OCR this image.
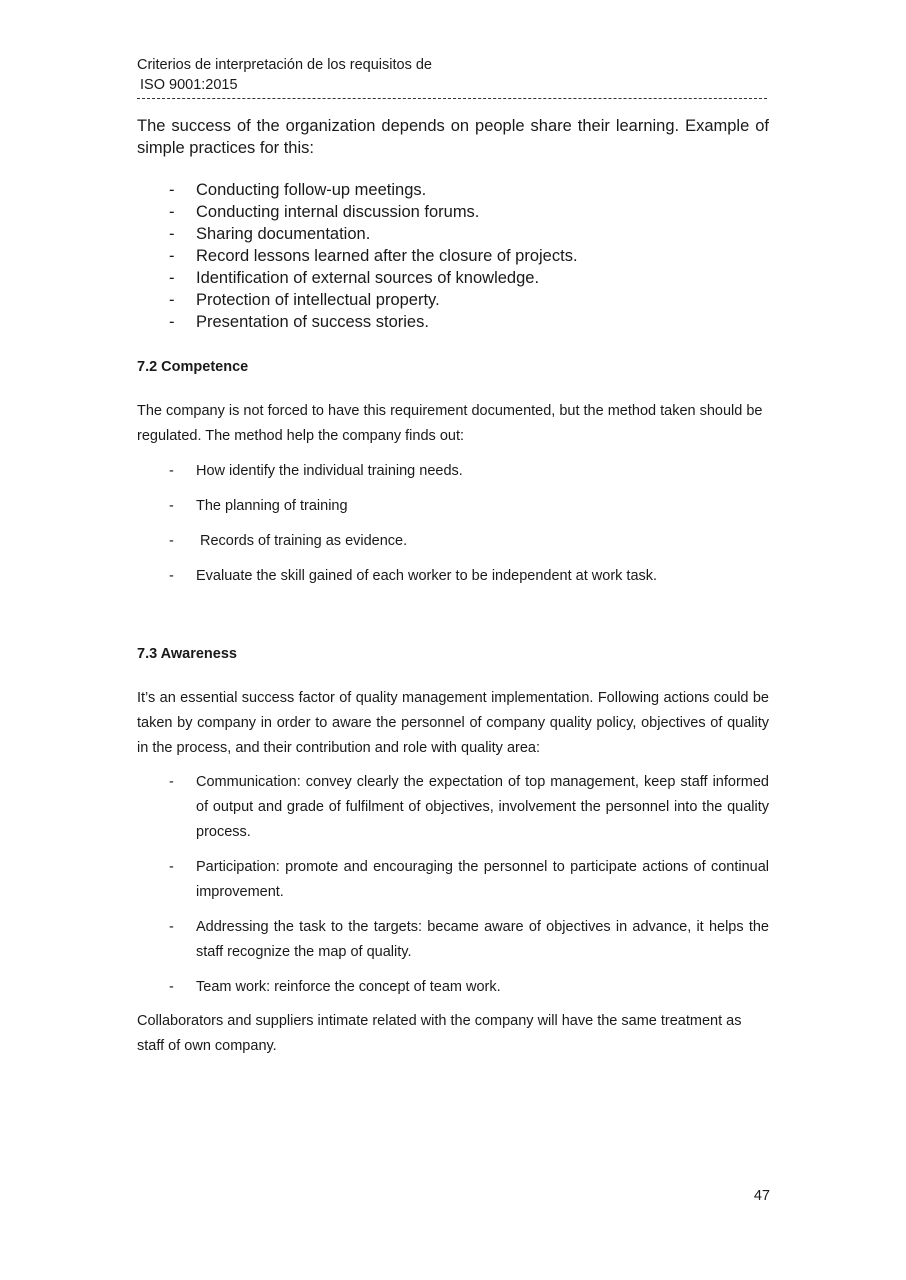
Criterios de interpretación de los requisitos de
ISO 9001:2015
The success of the organization depends on people share their learning. Example of simple practices for this:
- Conducting follow-up meetings.
- Conducting internal discussion forums.
- Sharing documentation.
- Record lessons learned after the closure of projects.
- Identification of external sources of knowledge.
- Protection of intellectual property.
- Presentation of success stories.
7.2 Competence
The company is not forced to have this requirement documented, but the method taken should be regulated. The method help the company finds out:
- How identify the individual training needs.
- The planning of training
- Records of training as evidence.
- Evaluate the skill gained of each worker to be independent at work task.
7.3 Awareness
It’s an essential success factor of quality management implementation. Following actions could be taken by company in order to aware the personnel of company quality policy, objectives of quality in the process, and their contribution and role with quality area:
- Communication: convey clearly the expectation of top management, keep staff informed of output and grade of fulfilment of objectives, involvement the personnel into the quality process.
- Participation: promote and encouraging the personnel to participate actions of continual improvement.
- Addressing the task to the targets: became aware of objectives in advance, it helps the staff recognize the map of quality.
- Team work: reinforce the concept of team work.
Collaborators and suppliers intimate related with the company will have the same treatment as staff of own company.
47
